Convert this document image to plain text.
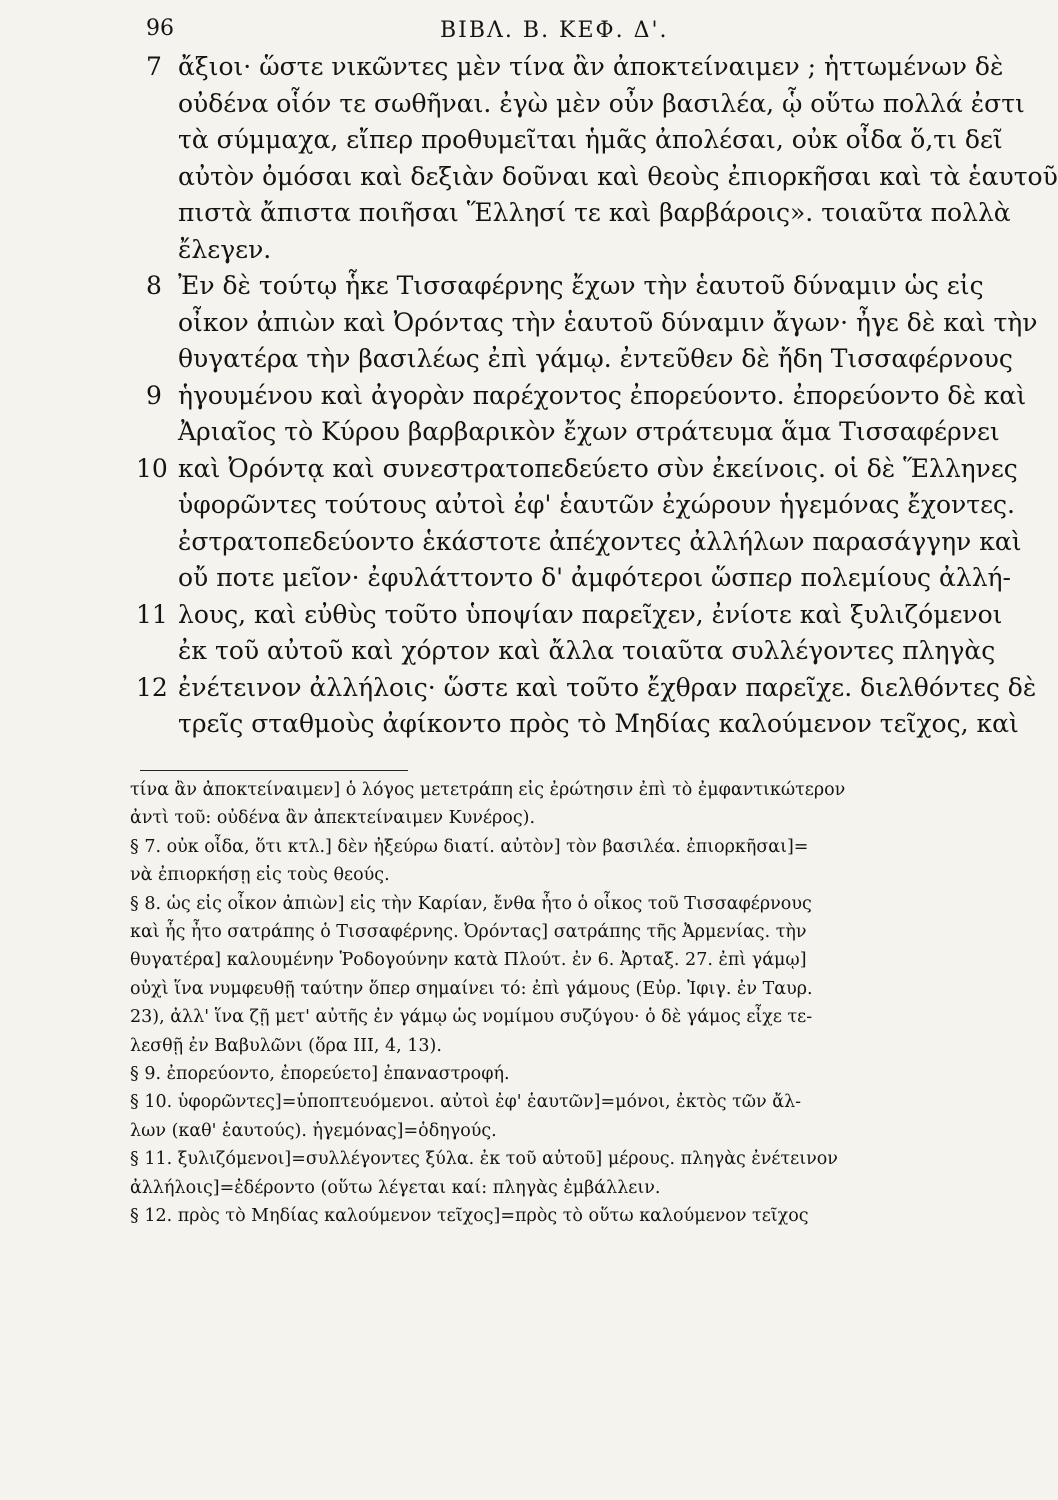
96	ΒΙΒΛ. Β. ΚΕΦ. Δ'.
7 ἄξιοι· ὥστε νικῶντες μὲν τίνα ἂν ἀποκτείναιμεν ; ἡττωμένων δὲ
οὐδένα οἷόν τε σωθῆναι. ἐγὼ μὲν οὖν βασιλέα, ᾧ οὕτω πολλά ἐστι
τὰ σύμμαχα, εἴπερ προθυμεῖται ἡμᾶς ἀπολέσαι, οὐκ οἶδα ὅ,τι δεῖ
αὐτὸν ὀμόσαι καὶ δεξιὰν δοῦναι καὶ θεοὺς ἐπιορκῆσαι καὶ τὰ ἑαυτοῦ
πιστὰ ἄπιστα ποιῆσαι Ἕλλησί τε καὶ βαρβάροις». τοιαῦτα πολλὰ
ἔλεγεν.
8 Ἐν δὲ τούτῳ ἧκε Τισσαφέρνης ἔχων τὴν ἑαυτοῦ δύναμιν ὡς εἰς
οἶκον ἀπιὼν καὶ Ὀρόντας τὴν ἑαυτοῦ δύναμιν ἄγων· ἦγε δὲ καὶ τὴν
θυγατέρα τὴν βασιλέως ἐπὶ γάμῳ. ἐντεῦθεν δὲ ἤδη Τισσαφέρνους
9 ἡγουμένου καὶ ἀγορὰν παρέχοντος ἐπορεύοντο. ἐπορεύοντο δὲ καὶ
Ἀριαῖος τὸ Κύρου βαρβαρικὸν ἔχων στράτευμα ἅμα Τισσαφέρνει
10 καὶ Ὀρόντᾳ καὶ συνεστρατοπεδεύετο σὺν ἐκείνοις. οἱ δὲ Ἕλληνες
ὑφορῶντες τούτους αὐτοὶ ἐφ' ἑαυτῶν ἐχώρουν ἡγεμόνας ἔχοντες.
ἐστρατοπεδεύοντο ἑκάστοτε ἀπέχοντες ἀλλήλων παρασάγγην καὶ
οὔ ποτε μεῖον· ἐφυλάττοντο δ' ἀμφότεροι ὥσπερ πολεμίους ἀλλή-
11 λους, καὶ εὐθὺς τοῦτο ὑποψίαν παρεῖχεν, ἐνίοτε καὶ ξυλιζόμενοι
ἐκ τοῦ αὐτοῦ καὶ χόρτον καὶ ἄλλα τοιαῦτα συλλέγοντες πληγὰς
12 ἐνέτεινον ἀλλήλοις· ὥστε καὶ τοῦτο ἔχθραν παρεῖχε. διελθόντες δὲ
τρεῖς σταθμοὺς ἀφίκοντο πρὸς τὸ Μηδίας καλούμενον τεῖχος, καὶ
τίνα ἂν ἀποκτείναιμεν] ὁ λόγος μετετράπη εἰς ἐρώτησιν ἐπὶ τὸ ἐμφαντικώτερον
ἀντὶ τοῦ: οὐδένα ἂν ἀπεκτείναιμεν Κυνέρος).
§ 7. οὐκ οἶδα, ὅτι κτλ.] δὲν ἠξεύρω διατί. αὐτὸν] τὸν βασιλέα. ἐπιορκῆσαι]=
νὰ ἐπιορκήσῃ εἰς τοὺς θεούς.
§ 8. ὡς εἰς οἶκον ἀπιὼν] εἰς τὴν Καρίαν, ἔνθα ἦτο ὁ οἶκος τοῦ Τισσαφέρνους
καὶ ἧς ἦτο σατράπης ὁ Τισσαφέρνης. Ὀρόντας] σατράπης τῆς Ἀρμενίας. τὴν
θυγατέρα] καλουμένην Ῥοδογούνην κατὰ Πλούτ. ἐν 6. Ἀρταξ. 27. ἐπὶ γάμῳ]
οὐχὶ ἵνα νυμφευθῇ ταύτην ὅπερ σημαίνει τό: ἐπὶ γάμους (Εὐρ. Ἰφιγ. ἐν Ταυρ.
23), ἀλλ' ἵνα ζῇ μετ' αὐτῆς ἐν γάμῳ ὡς νομίμου συζύγου· ὁ δὲ γάμος εἶχε τε-
λεσθῇ ἐν Βαβυλῶνι (ὅρα III, 4, 13).
§ 9. ἐπορεύοντο, ἐπορεύετο] ἐπαναστροφή.
§ 10. ὑφορῶντες]=ὑποπτευόμενοι. αὐτοὶ ἐφ' ἑαυτῶν]=μόνοι, ἐκτὸς τῶν ἄλ-
λων (καθ' ἑαυτούς). ἡγεμόνας]=ὁδηγούς.
§ 11. ξυλιζόμενοι]=συλλέγοντες ξύλα. ἐκ τοῦ αὐτοῦ] μέρους. πληγὰς ἐνέτεινον
ἀλλήλοις]=ἐδέροντο (οὕτω λέγεται καί: πληγὰς ἐμβάλλειν.
§ 12. πρὸς τὸ Μηδίας καλούμενον τεῖχος]=πρὸς τὸ οὕτω καλούμενον τεῖχος
